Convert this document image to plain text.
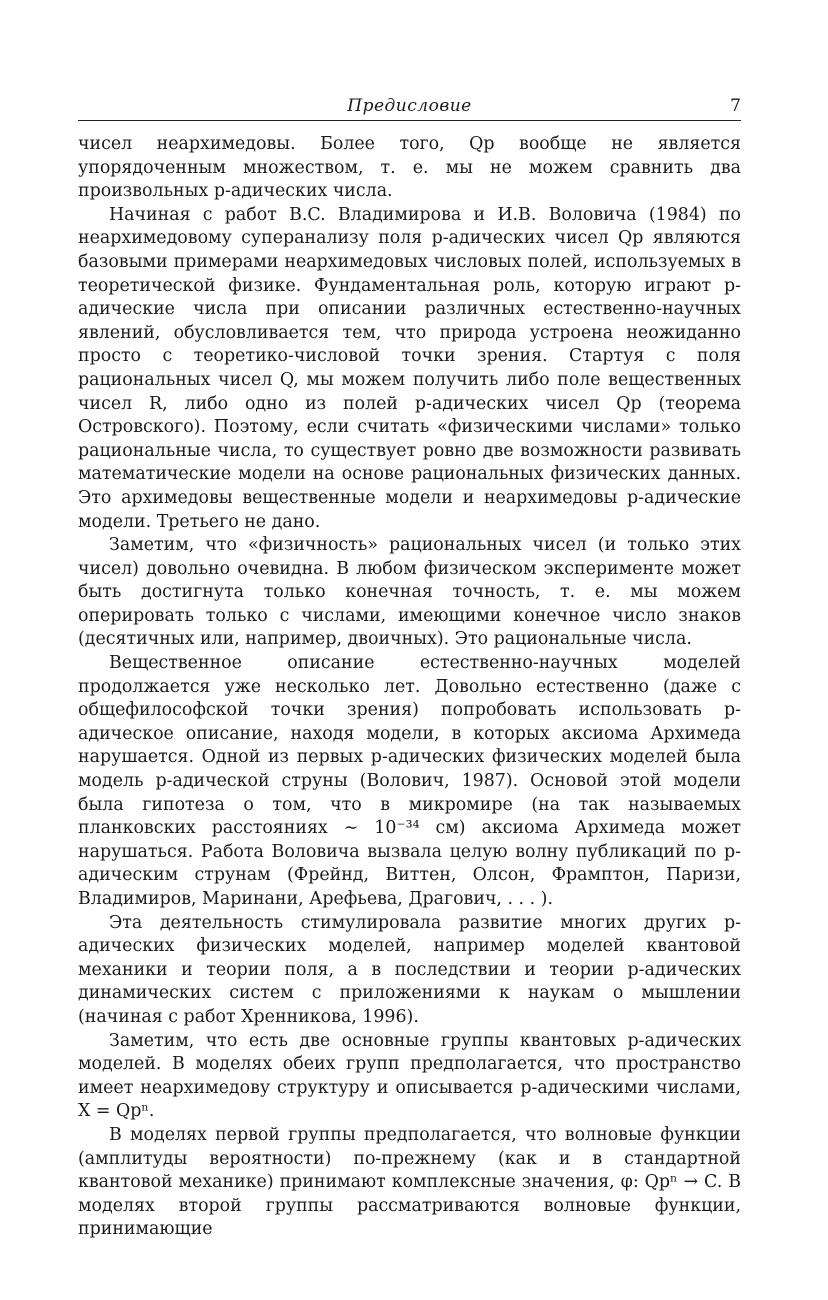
Предисловие	7

чисел неархимедовы. Более того, Qp вообще не является упорядоченным множеством, т. е. мы не можем сравнить два произвольных p-адических числа.

Начиная с работ B.C. Владимирова и И.В. Воловича (1984) по неархимедовому суперанализу поля p-адических чисел Qp являются базовыми примерами неархимедовых числовых полей, используемых в теоретической физике. Фундаментальная роль, которую играют p-адические числа при описании различных естественно-научных явлений, обусловливается тем, что природа устроена неожиданно просто с теоретико-числовой точки зрения. Стартуя с поля рациональных чисел Q, мы можем получить либо поле вещественных чисел R, либо одно из полей p-адических чисел Qp (теорема Островского). Поэтому, если считать «физическими числами» только рациональные числа, то существует ровно две возможности развивать математические модели на основе рациональных физических данных. Это архимедовы вещественные модели и неархимедовы p-адические модели. Третьего не дано.

Заметим, что «физичность» рациональных чисел (и только этих чисел) довольно очевидна. В любом физическом эксперименте может быть достигнута только конечная точность, т. е. мы можем оперировать только с числами, имеющими конечное число знаков (десятичных или, например, двоичных). Это рациональные числа.

Вещественное описание естественно-научных моделей продолжается уже несколько лет. Довольно естественно (даже с общефилософской точки зрения) попробовать использовать p-адическое описание, находя модели, в которых аксиома Архимеда нарушается. Одной из первых p-адических физических моделей была модель p-адической струны (Волович, 1987). Основой этой модели была гипотеза о том, что в микромире (на так называемых планковских расстояниях ∼ 10⁻³⁴ см) аксиома Архимеда может нарушаться. Работа Воловича вызвала целую волну публикаций по p-адическим струнам (Фрейнд, Виттен, Олсон, Фрамптон, Паризи, Владимиров, Маринани, Арефьева, Драгович, . . . ).

Эта деятельность стимулировала развитие многих других p-адических физических моделей, например моделей квантовой механики и теории поля, а в последствии и теории p-адических динамических систем с приложениями к наукам о мышлении (начиная с работ Хренникова, 1996).

Заметим, что есть две основные группы квантовых p-адических моделей. В моделях обеих групп предполагается, что пространство имеет неархимедову структуру и описывается p-адическими числами, X = Qpⁿ.

В моделях первой группы предполагается, что волновые функции (амплитуды вероятности) по-прежнему (как и в стандартной квантовой механике) принимают комплексные значения, φ: Qpⁿ → C. В моделях второй группы рассматриваются волновые функции, принимающие
